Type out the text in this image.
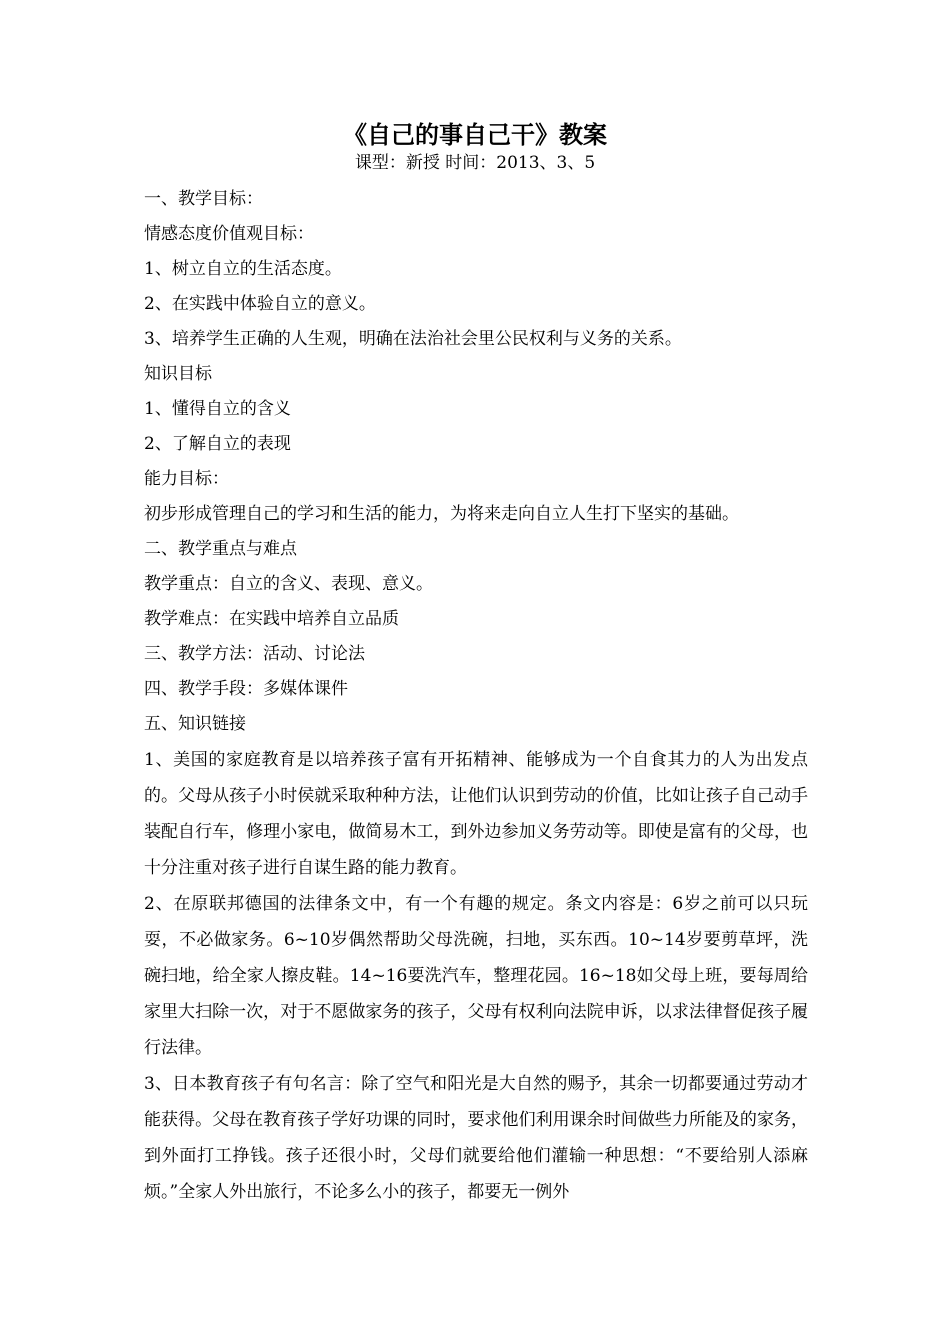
《自己的事自己干》教案
课型：新授 时间：2013、3、5
一、教学目标：
情感态度价值观目标：
1、树立自立的生活态度。
2、在实践中体验自立的意义。
3、培养学生正确的人生观，明确在法治社会里公民权利与义务的关系。
知识目标
1、懂得自立的含义
2、了解自立的表现
能力目标：
初步形成管理自己的学习和生活的能力，为将来走向自立人生打下坚实的基础。
二、教学重点与难点
教学重点：自立的含义、表现、意义。
教学难点：在实践中培养自立品质
三、教学方法：活动、讨论法
四、教学手段：多媒体课件
五、知识链接
1、美国的家庭教育是以培养孩子富有开拓精神、能够成为一个自食其力的人为出发点的。父母从孩子小时侯就采取种种方法，让他们认识到劳动的价值，比如让孩子自己动手装配自行车，修理小家电，做简易木工，到外边参加义务劳动等。即使是富有的父母，也十分注重对孩子进行自谋生路的能力教育。
2、在原联邦德国的法律条文中，有一个有趣的规定。条文内容是：6岁之前可以只玩耍，不必做家务。6~10岁偶然帮助父母洗碗，扫地，买东西。10~14岁要剪草坪，洗碗扫地，给全家人擦皮鞋。14~16要洗汽车，整理花园。16~18如父母上班，要每周给家里大扫除一次，对于不愿做家务的孩子，父母有权利向法院申诉，以求法律督促孩子履行法律。
3、日本教育孩子有句名言：除了空气和阳光是大自然的赐予，其余一切都要通过劳动才能获得。父母在教育孩子学好功课的同时，要求他们利用课余时间做些力所能及的家务，到外面打工挣钱。孩子还很小时，父母们就要给他们灌输一种思想：“不要给别人添麻烦。”全家人外出旅行，不论多么小的孩子，都要无一例外
